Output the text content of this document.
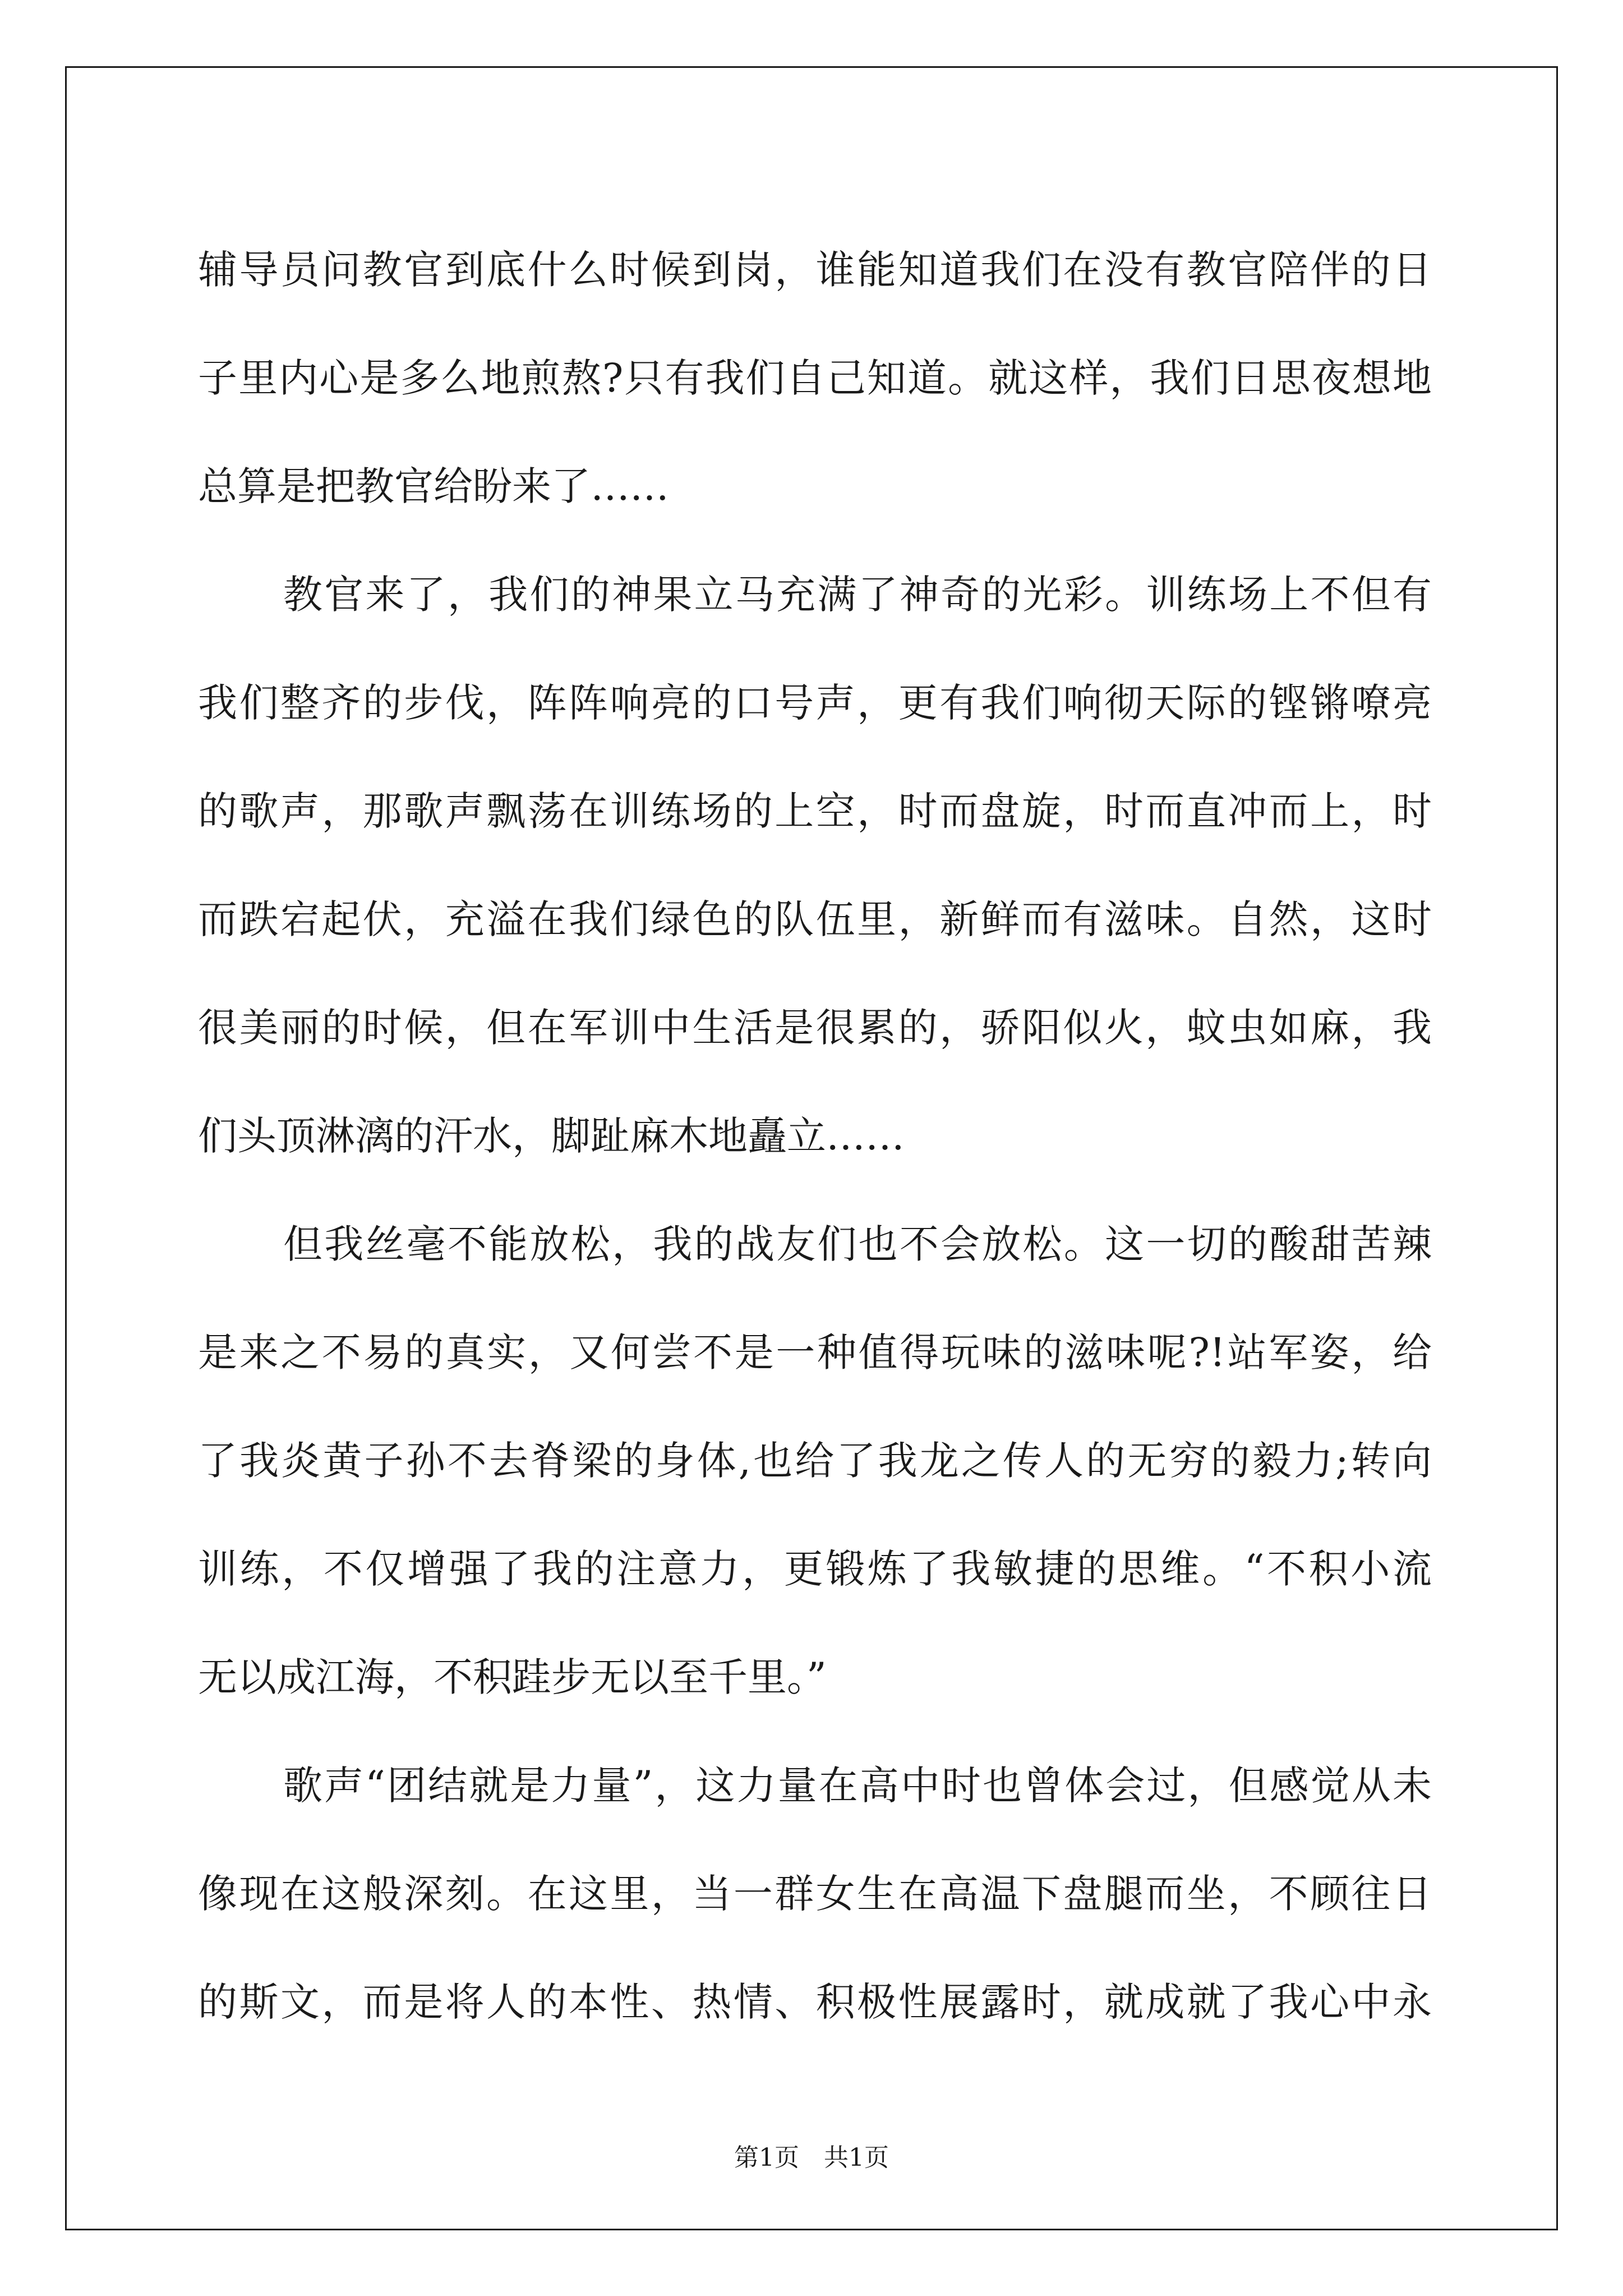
辅导员问教官到底什么时候到岗，谁能知道我们在没有教官陪伴的日
子里内心是多么地煎熬?只有我们自己知道。就这样，我们日思夜想地
总算是把教官给盼来了……
教官来了，我们的神果立马充满了神奇的光彩。训练场上不但有
我们整齐的步伐，阵阵响亮的口号声，更有我们响彻天际的铿锵嘹亮
的歌声，那歌声飘荡在训练场的上空，时而盘旋，时而直冲而上，时
而跌宕起伏，充溢在我们绿色的队伍里，新鲜而有滋味。自然，这时
很美丽的时候，但在军训中生活是很累的，骄阳似火，蚊虫如麻，我
们头顶淋漓的汗水，脚趾麻木地矗立……
但我丝毫不能放松，我的战友们也不会放松。这一切的酸甜苦辣
是来之不易的真实，又何尝不是一种值得玩味的滋味呢?!站军姿，给
了我炎黄子孙不去脊梁的身体,也给了我龙之传人的无穷的毅力;转向
训练，不仅增强了我的注意力，更锻炼了我敏捷的思维。“不积小流
无以成江海，不积跬步无以至千里。”
歌声“团结就是力量”，这力量在高中时也曾体会过，但感觉从未
像现在这般深刻。在这里，当一群女生在高温下盘腿而坐，不顾往日
的斯文，而是将人的本性、热情、积极性展露时，就成就了我心中永
第1页 共1页
